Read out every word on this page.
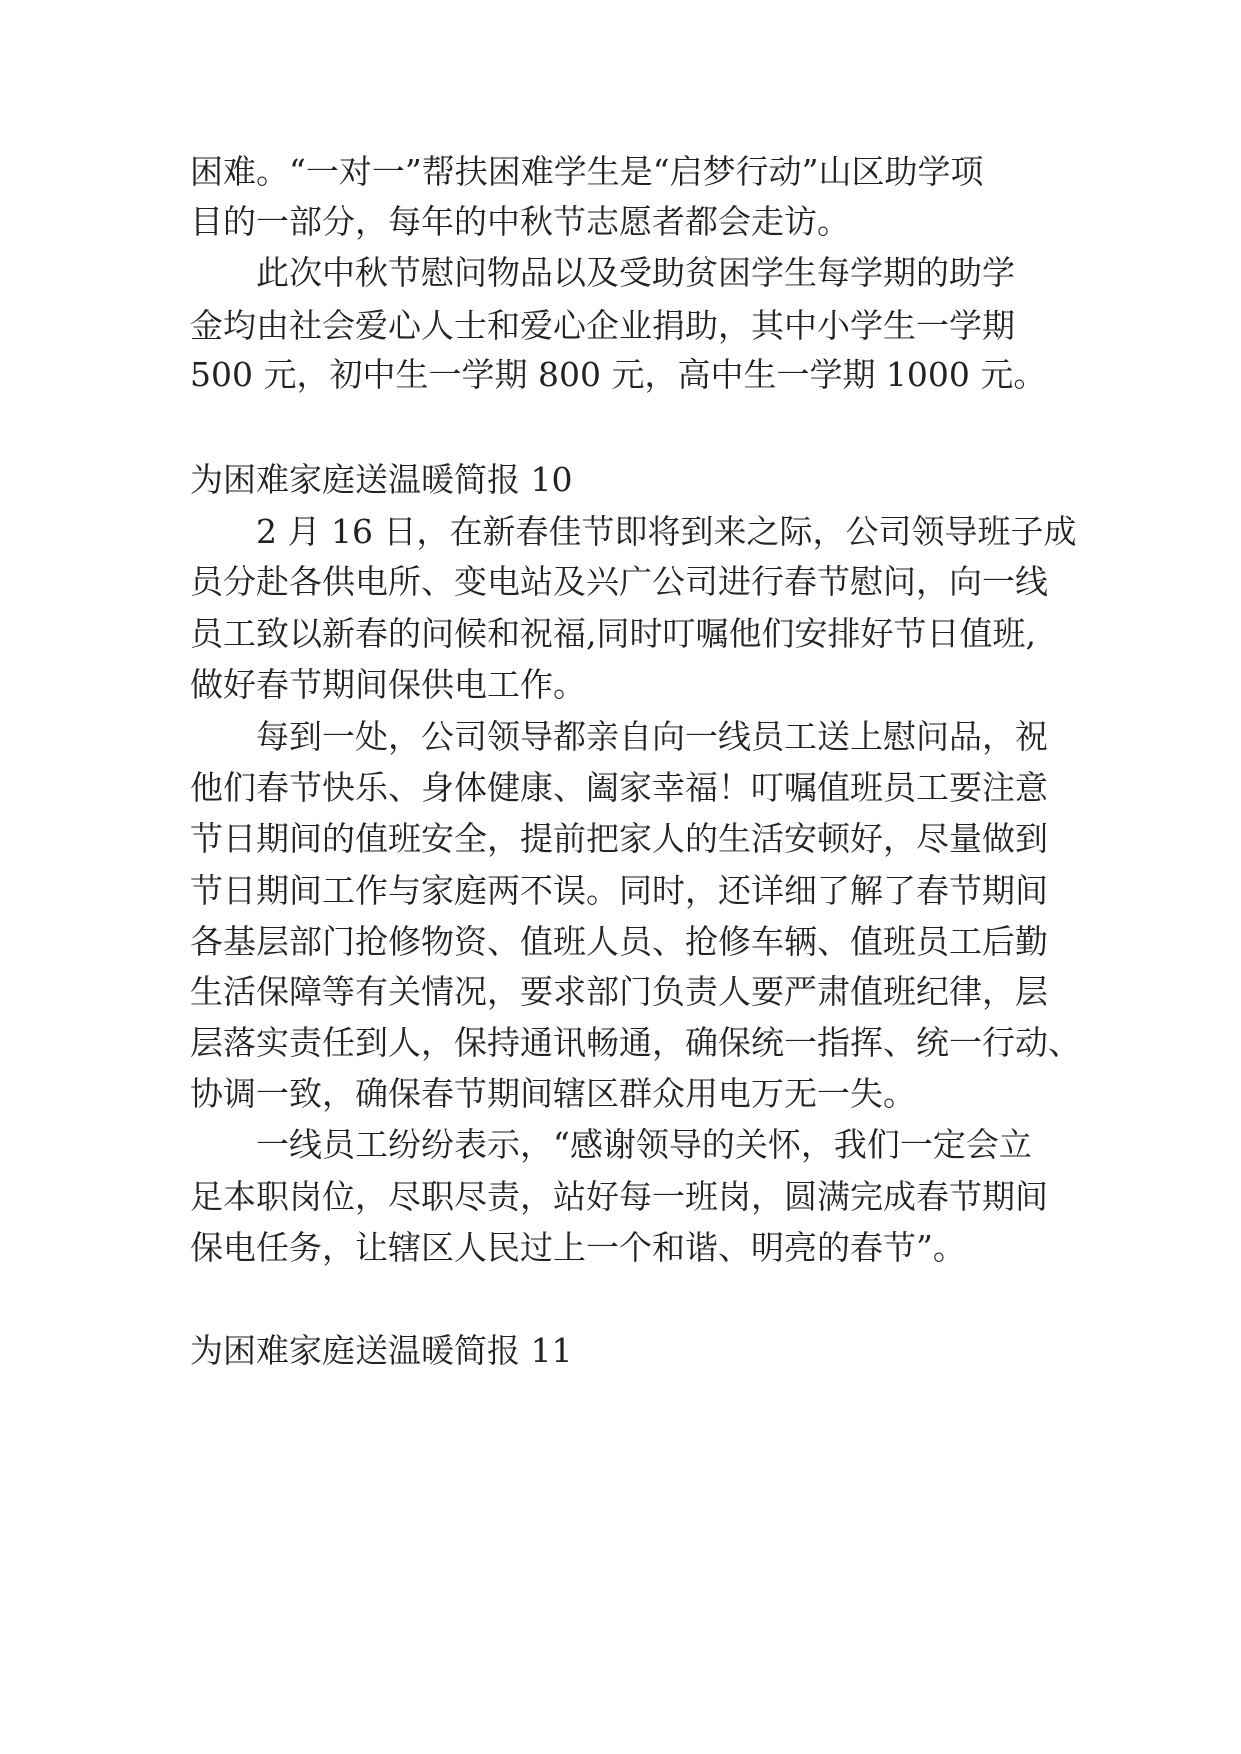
困难。“一对一”帮扶困难学生是“启梦行动”山区助学项
目的一部分，每年的中秋节志愿者都会走访。
此次中秋节慰问物品以及受助贫困学生每学期的助学
金均由社会爱心人士和爱心企业捐助，其中小学生一学期
500 元，初中生一学期 800 元，高中生一学期 1000 元。
为困难家庭送温暖简报 10
2 月 16 日，在新春佳节即将到来之际，公司领导班子成
员分赴各供电所、变电站及兴广公司进行春节慰问，向一线
员工致以新春的问候和祝福,同时叮嘱他们安排好节日值班,
做好春节期间保供电工作。
每到一处，公司领导都亲自向一线员工送上慰问品，祝
他们春节快乐、身体健康、阖家幸福！叮嘱值班员工要注意
节日期间的值班安全，提前把家人的生活安顿好，尽量做到
节日期间工作与家庭两不误。同时，还详细了解了春节期间
各基层部门抢修物资、值班人员、抢修车辆、值班员工后勤
生活保障等有关情况，要求部门负责人要严肃值班纪律，层
层落实责任到人，保持通讯畅通，确保统一指挥、统一行动、
协调一致，确保春节期间辖区群众用电万无一失。
一线员工纷纷表示，“感谢领导的关怀，我们一定会立
足本职岗位，尽职尽责，站好每一班岗，圆满完成春节期间
保电任务，让辖区人民过上一个和谐、明亮的春节”。
为困难家庭送温暖简报 11
